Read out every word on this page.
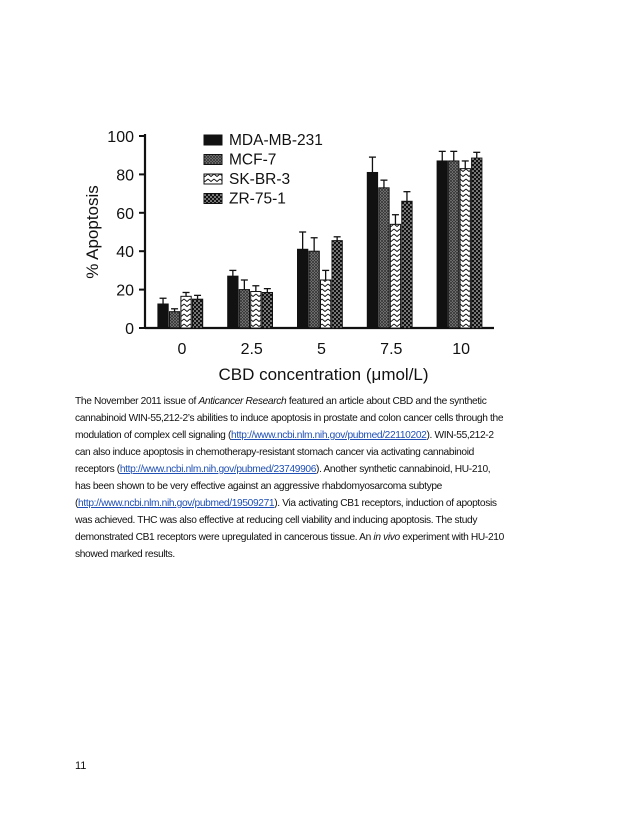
0
20
40
60
80
100
% Apoptosis
0	2.5	5	7.5	10
CBD concentration (μmol/L)
MDA-MB-231
MCF-7
SK-BR-3
ZR-75-1
The November 2011 issue of Anticancer Research featured an article about CBD and the synthetic
cannabinoid WIN-55,212-2’s abilities to induce apoptosis in prostate and colon cancer cells through the
modulation of complex cell signaling (http://www.ncbi.nlm.nih.gov/pubmed/22110202). WIN-55,212-2
can also induce apoptosis in chemotherapy-resistant stomach cancer via activating cannabinoid
receptors (http://www.ncbi.nlm.nih.gov/pubmed/23749906). Another synthetic cannabinoid, HU-210,
has been shown to be very effective against an aggressive rhabdomyosarcoma subtype
(http://www.ncbi.nlm.nih.gov/pubmed/19509271). Via activating CB1 receptors, induction of apoptosis
was achieved. THC was also effective at reducing cell viability and inducing apoptosis. The study
demonstrated CB1 receptors were upregulated in cancerous tissue. An in vivo experiment with HU-210
showed marked results.
11
